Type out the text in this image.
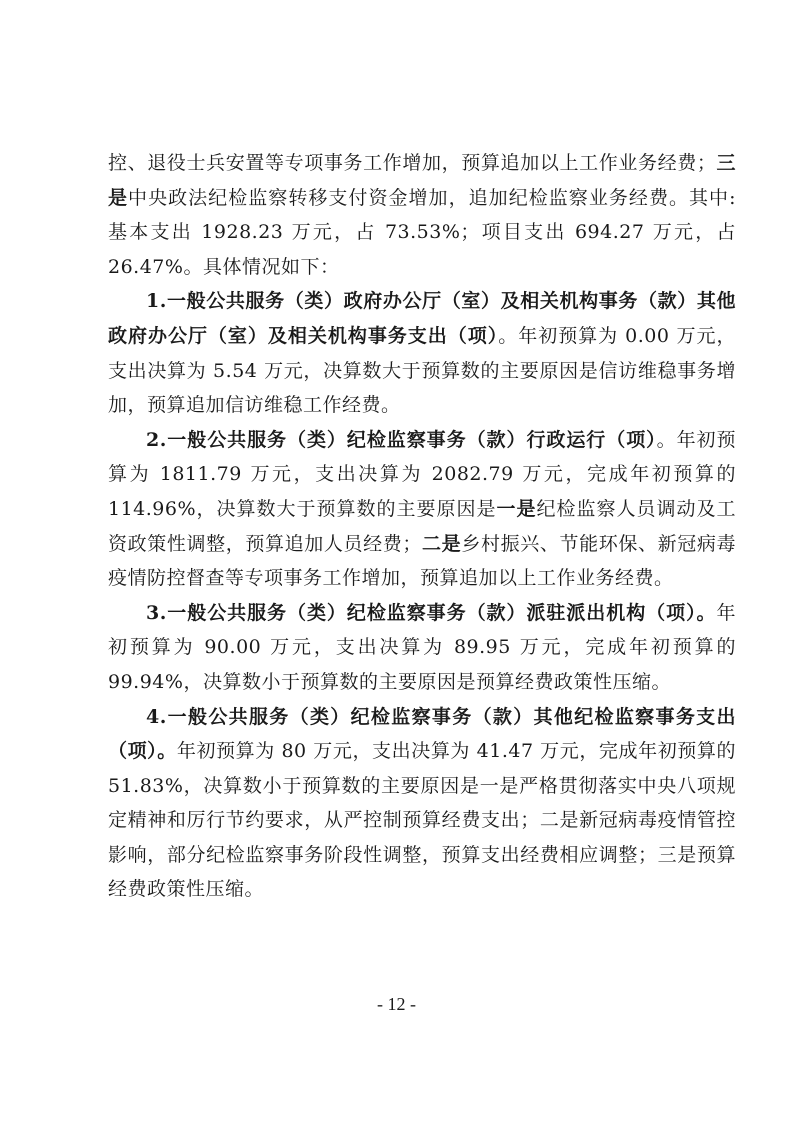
控、退役士兵安置等专项事务工作增加，预算追加以上工作业务经费；三是中央政法纪检监察转移支付资金增加，追加纪检监察业务经费。其中:基本支出 1928.23 万元，占 73.53%；项目支出 694.27 万元，占 26.47%。具体情况如下：

1.一般公共服务（类）政府办公厅（室）及相关机构事务（款）其他政府办公厅（室）及相关机构事务支出（项）。年初预算为 0.00 万元，支出决算为 5.54 万元，决算数大于预算数的主要原因是信访维稳事务增加，预算追加信访维稳工作经费。

2.一般公共服务（类）纪检监察事务（款）行政运行（项）。年初预算为 1811.79 万元，支出决算为 2082.79 万元，完成年初预算的 114.96%，决算数大于预算数的主要原因是一是纪检监察人员调动及工资政策性调整，预算追加人员经费；二是乡村振兴、节能环保、新冠病毒疫情防控督查等专项事务工作增加，预算追加以上工作业务经费。

3.一般公共服务（类）纪检监察事务（款）派驻派出机构（项）。年初预算为 90.00 万元，支出决算为 89.95 万元，完成年初预算的 99.94%，决算数小于预算数的主要原因是预算经费政策性压缩。

4.一般公共服务（类）纪检监察事务（款）其他纪检监察事务支出（项）。年初预算为 80 万元，支出决算为 41.47 万元，完成年初预算的 51.83%，决算数小于预算数的主要原因是一是严格贯彻落实中央八项规定精神和厉行节约要求，从严控制预算经费支出；二是新冠病毒疫情管控影响，部分纪检监察事务阶段性调整，预算支出经费相应调整；三是预算经费政策性压缩。

- 12 -
